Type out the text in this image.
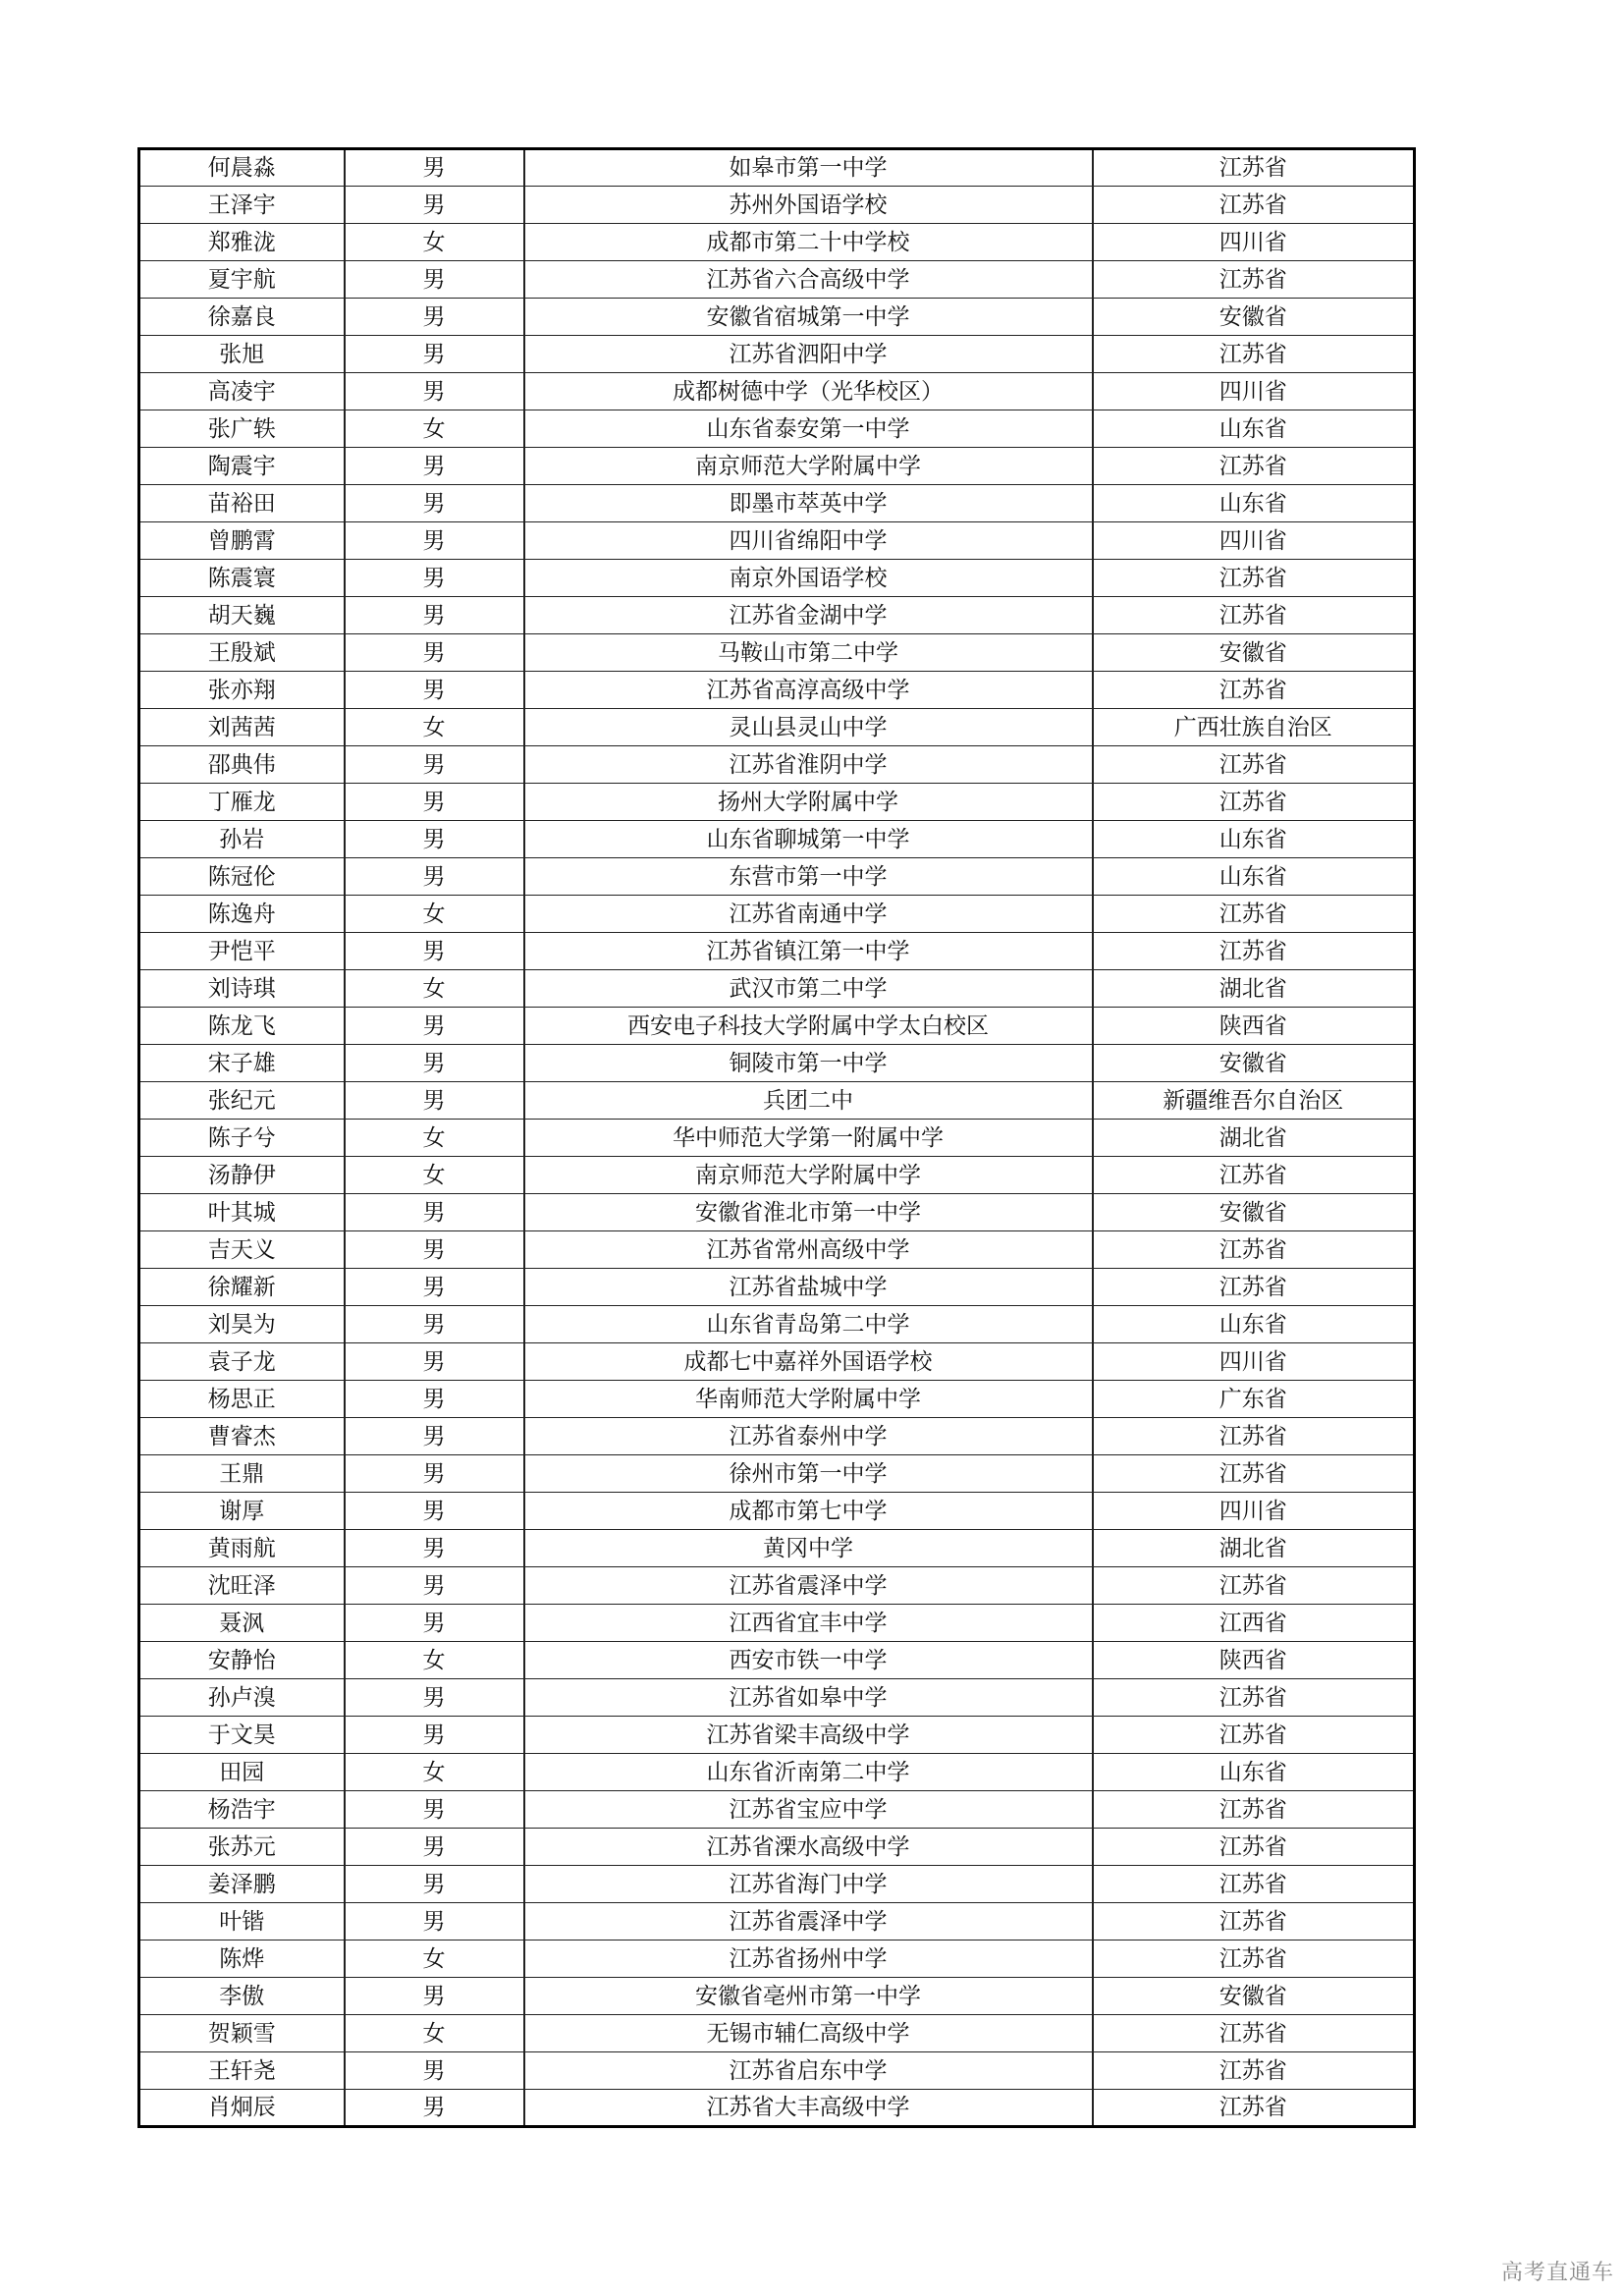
何晨淼	男	如皋市第一中学	江苏省
王泽宇	男	苏州外国语学校	江苏省
郑雅泷	女	成都市第二十中学校	四川省
夏宇航	男	江苏省六合高级中学	江苏省
徐嘉良	男	安徽省宿城第一中学	安徽省
张旭	男	江苏省泗阳中学	江苏省
高凌宇	男	成都树德中学（光华校区）	四川省
张广轶	女	山东省泰安第一中学	山东省
陶震宇	男	南京师范大学附属中学	江苏省
苗裕田	男	即墨市萃英中学	山东省
曾鹏霄	男	四川省绵阳中学	四川省
陈震寰	男	南京外国语学校	江苏省
胡天巍	男	江苏省金湖中学	江苏省
王殷斌	男	马鞍山市第二中学	安徽省
张亦翔	男	江苏省高淳高级中学	江苏省
刘茜茜	女	灵山县灵山中学	广西壮族自治区
邵典伟	男	江苏省淮阴中学	江苏省
丁雁龙	男	扬州大学附属中学	江苏省
孙岩	男	山东省聊城第一中学	山东省
陈冠伦	男	东营市第一中学	山东省
陈逸舟	女	江苏省南通中学	江苏省
尹恺平	男	江苏省镇江第一中学	江苏省
刘诗琪	女	武汉市第二中学	湖北省
陈龙飞	男	西安电子科技大学附属中学太白校区	陕西省
宋子雄	男	铜陵市第一中学	安徽省
张纪元	男	兵团二中	新疆维吾尔自治区
陈子兮	女	华中师范大学第一附属中学	湖北省
汤静伊	女	南京师范大学附属中学	江苏省
叶其城	男	安徽省淮北市第一中学	安徽省
吉天义	男	江苏省常州高级中学	江苏省
徐耀新	男	江苏省盐城中学	江苏省
刘昊为	男	山东省青岛第二中学	山东省
袁子龙	男	成都七中嘉祥外国语学校	四川省
杨思正	男	华南师范大学附属中学	广东省
曹睿杰	男	江苏省泰州中学	江苏省
王鼎	男	徐州市第一中学	江苏省
谢厚	男	成都市第七中学	四川省
黄雨航	男	黄冈中学	湖北省
沈旺泽	男	江苏省震泽中学	江苏省
聂沨	男	江西省宜丰中学	江西省
安静怡	女	西安市铁一中学	陕西省
孙卢溴	男	江苏省如皋中学	江苏省
于文昊	男	江苏省梁丰高级中学	江苏省
田园	女	山东省沂南第二中学	山东省
杨浩宇	男	江苏省宝应中学	江苏省
张苏元	男	江苏省溧水高级中学	江苏省
姜泽鹏	男	江苏省海门中学	江苏省
叶锴	男	江苏省震泽中学	江苏省
陈烨	女	江苏省扬州中学	江苏省
李傲	男	安徽省亳州市第一中学	安徽省
贺颖雪	女	无锡市辅仁高级中学	江苏省
王轩尧	男	江苏省启东中学	江苏省
肖炯辰	男	江苏省大丰高级中学	江苏省
高考直通车
